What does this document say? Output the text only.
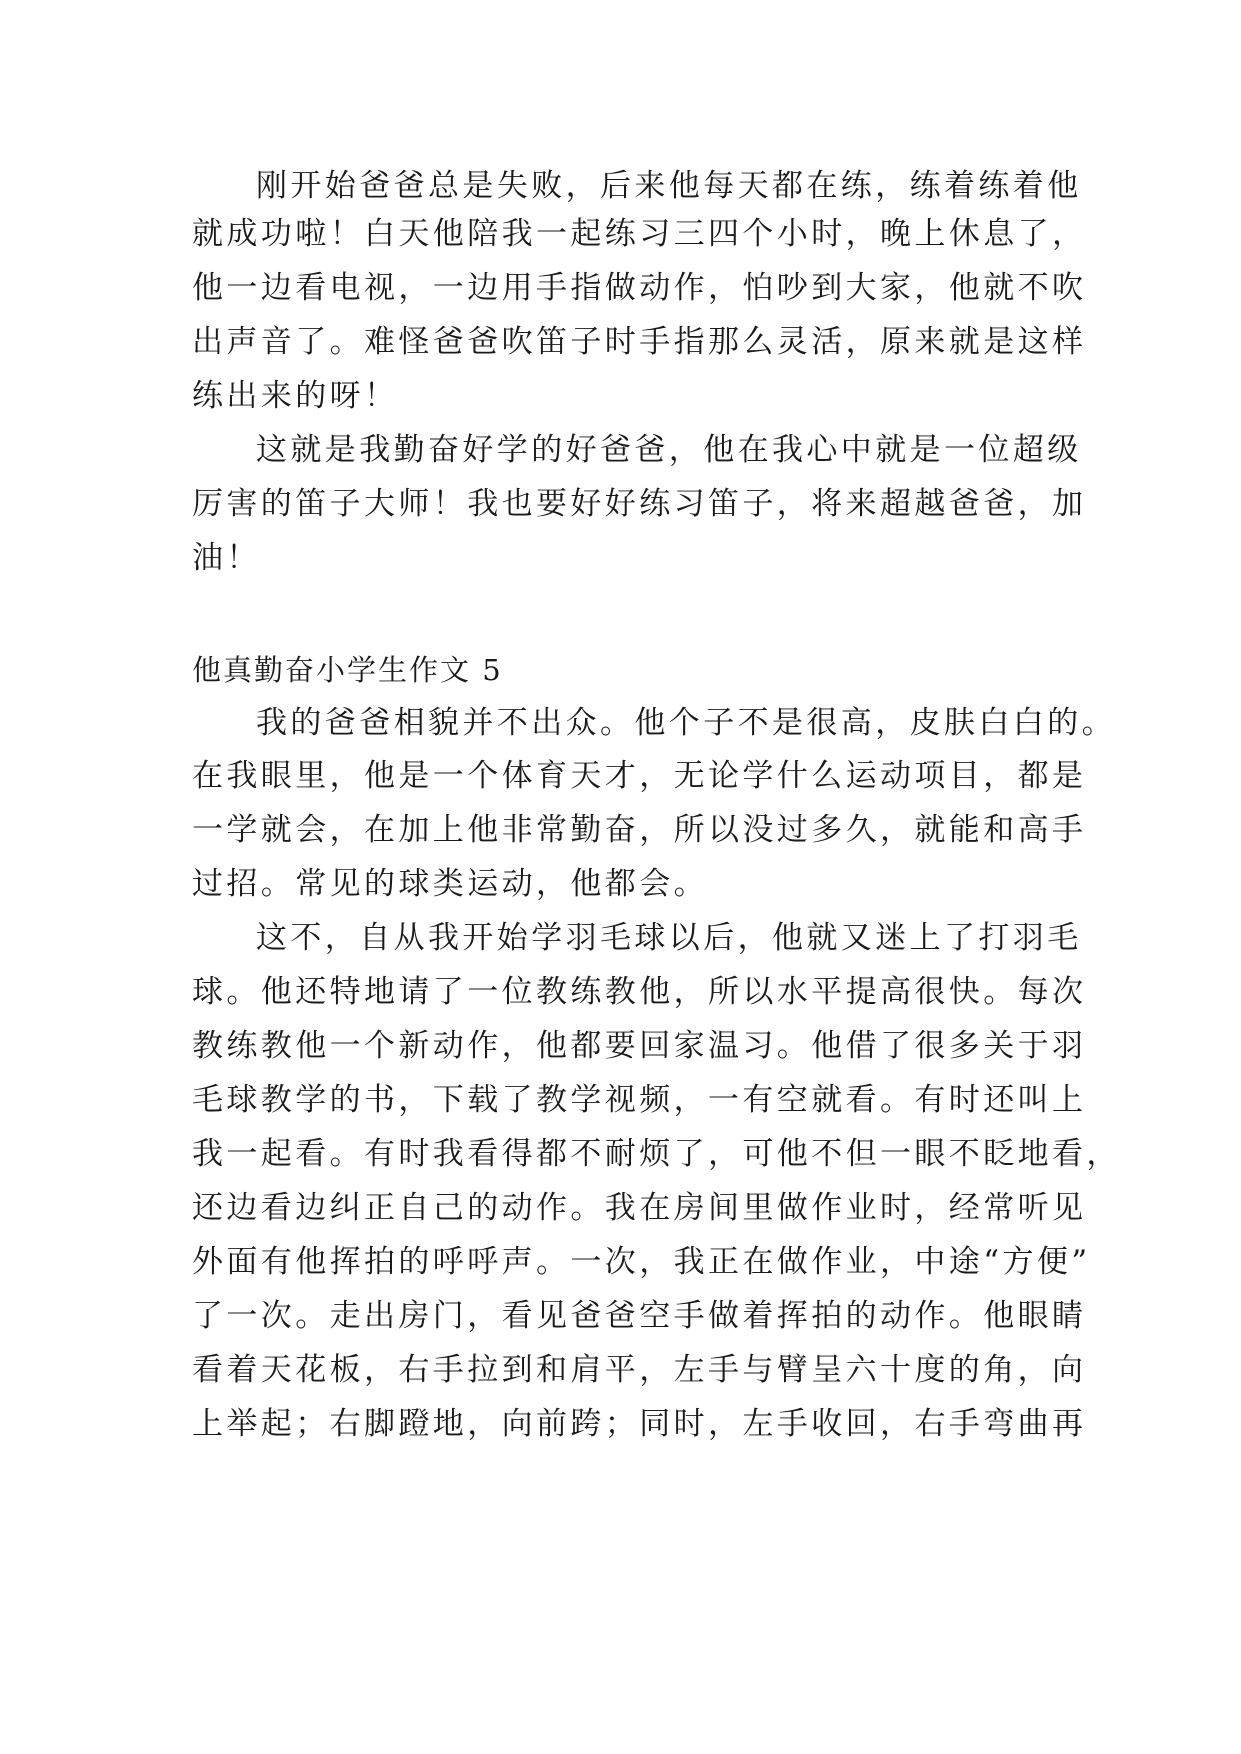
刚开始爸爸总是失败，后来他每天都在练，练着练着他
就成功啦！白天他陪我一起练习三四个小时，晚上休息了，
他一边看电视，一边用手指做动作，怕吵到大家，他就不吹
出声音了。难怪爸爸吹笛子时手指那么灵活，原来就是这样
练出来的呀！
这就是我勤奋好学的好爸爸，他在我心中就是一位超级
厉害的笛子大师！我也要好好练习笛子，将来超越爸爸，加
油！
他真勤奋小学生作文 5
我的爸爸相貌并不出众。他个子不是很高，皮肤白白的。
在我眼里，他是一个体育天才，无论学什么运动项目，都是
一学就会，在加上他非常勤奋，所以没过多久，就能和高手
过招。常见的球类运动，他都会。
这不，自从我开始学羽毛球以后，他就又迷上了打羽毛
球。他还特地请了一位教练教他，所以水平提高很快。每次
教练教他一个新动作，他都要回家温习。他借了很多关于羽
毛球教学的书，下载了教学视频，一有空就看。有时还叫上
我一起看。有时我看得都不耐烦了，可他不但一眼不眨地看，
还边看边纠正自己的动作。我在房间里做作业时，经常听见
外面有他挥拍的呼呼声。一次，我正在做作业，中途“方便”
了一次。走出房门，看见爸爸空手做着挥拍的动作。他眼睛
看着天花板，右手拉到和肩平，左手与臂呈六十度的角，向
上举起；右脚蹬地，向前跨；同时，左手收回，右手弯曲再
